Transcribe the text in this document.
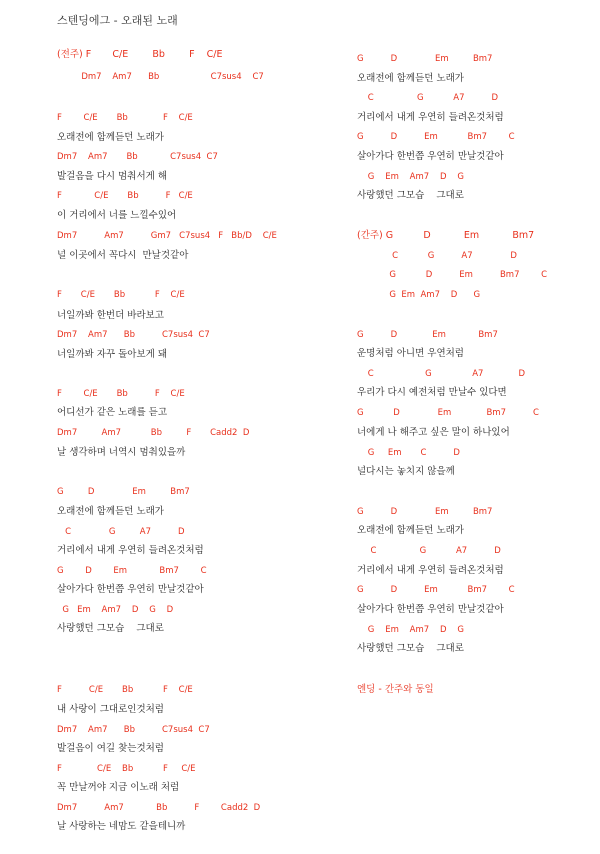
스텐딩에그 - 오래된 노래
(전주) F       C/E        Bb        F    C/E
Dm7    Am7      Bb                   C7sus4    C7
F        C/E       Bb             F    C/E
오래전에 함께듣던 노래가
Dm7    Am7       Bb            C7sus4  C7
발걸음을 다시 멈춰서게 해
F            C/E       Bb          F   C/E
이 거리에서 너를 느낄수있어
Dm7          Am7          Gm7   C7sus4   F   Bb/D    C/E
널 이곳에서 꼭다시  만날것같아
F       C/E       Bb           F    C/E
너일까봐 한번더 바라보고
Dm7    Am7      Bb          C7sus4  C7
너일까봐 자꾸 돌아보게 돼
F        C/E       Bb          F    C/E
어디선가 같은 노래를 듣고
Dm7         Am7           Bb         F       Cadd2  D
날 생각하며 너역시 멈춰있을까
G         D              Em         Bm7
오래전에 함께듣던 노래가
C              G         A7          D
거리에서 내게 우연히 들려온것처럼
G        D        Em            Bm7        C
살아가다 한번쯤 우연히 만날것같아
G   Em    Am7    D    G    D
사랑했던 그모습    그대로
F          C/E       Bb           F    C/E
내 사랑이 그대로인것처럼
Dm7    Am7      Bb          C7sus4  C7
발걸음이 여길 찾는것처럼
F             C/E    Bb           F     C/E
꼭 만날꺼야 지금 이노래 처럼
Dm7          Am7            Bb          F        Cadd2  D
날 사랑하는 네맘도 같을테니까
G          D              Em         Bm7
오래전에 함께듣던 노래가
C                G           A7          D
거리에서 내게 우연히 들려온것처럼
G          D          Em           Bm7        C
살아가다 한번쯤 우연히 만날것같아
G    Em    Am7    D    G
사랑했던 그모습    그대로
(간주) G          D           Em           Bm7
C           G          A7              D
G           D          Em          Bm7        C
G  Em  Am7    D      G
G          D             Em            Bm7
운명처럼 아니면 우연처럼
C                   G               A7             D
우리가 다시 예전처럼 만날수 있다면
G           D              Em             Bm7          C
너에게 나 해주고 싶은 말이 하나있어
G     Em       C          D
널다시는 놓치지 않을께
G          D              Em         Bm7
오래전에 함께듣던 노래가
C                G           A7          D
거리에서 내게 우연히 들려온것처럼
G          D          Em           Bm7        C
살아가다 한번쯤 우연히 만날것같아
G    Em    Am7    D    G
사랑했던 그모습    그대로
엔딩 - 간주와 동일
